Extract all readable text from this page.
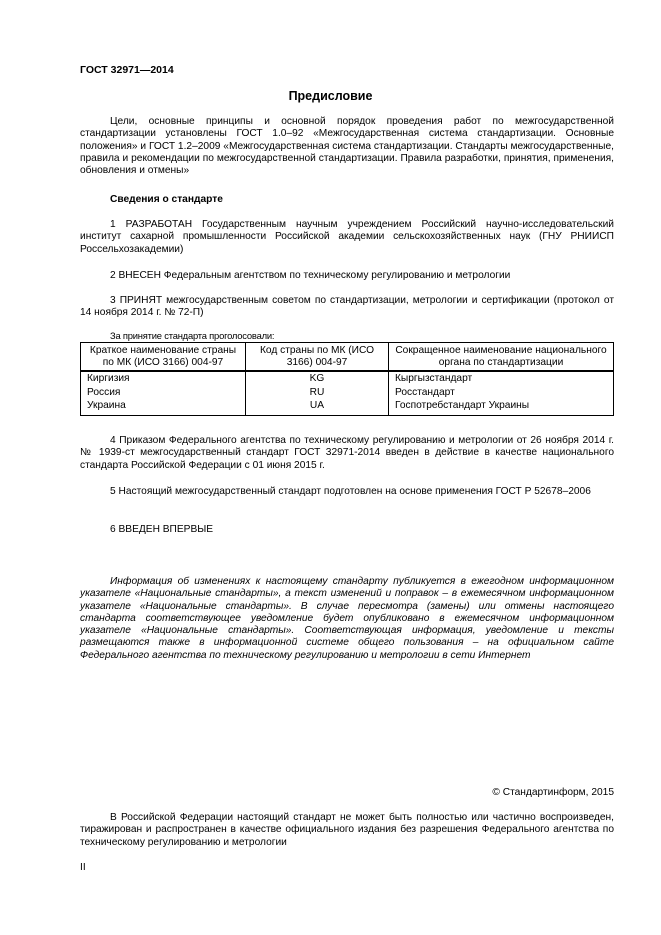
ГОСТ 32971—2014
Предисловие
Цели, основные принципы и основной порядок проведения работ по межгосударственной стандартизации установлены ГОСТ 1.0–92 «Межгосударственная система стандартизации. Основные положения» и ГОСТ 1.2–2009 «Межгосударственная система стандартизации. Стандарты межгосударственные, правила и рекомендации по межгосударственной стандартизации. Правила разработки, принятия, применения, обновления и отмены»
Сведения о стандарте
1 РАЗРАБОТАН Государственным научным учреждением Российский научно-исследовательский институт сахарной промышленности Российской академии сельскохозяйственных наук (ГНУ РНИИСП Россельхозакадемии)
2 ВНЕСЕН Федеральным агентством по техническому регулированию и метрологии
3 ПРИНЯТ межгосударственным советом по стандартизации, метрологии и сертификации (протокол от 14 ноября 2014 г. № 72-П)
За принятие стандарта проголосовали:
Краткое наименование страны по МК (ИСО 3166) 004-97	Код страны по МК (ИСО 3166) 004-97	Сокращенное наименование национального органа по стандартизации
Киргизия	KG	Кыргызстандарт
Россия	RU	Росстандарт
Украина	UA	Госпотребстандарт Украины
4 Приказом Федерального агентства по техническому регулированию и метрологии от 26 ноября 2014 г. № 1939-ст межгосударственный стандарт ГОСТ 32971-2014 введен в действие в качестве национального стандарта Российской Федерации с 01 июня 2015 г.
5 Настоящий межгосударственный стандарт подготовлен на основе применения ГОСТ Р 52678–2006
6 ВВЕДЕН ВПЕРВЫЕ
Информация об изменениях к настоящему стандарту публикуется в ежегодном информационном указателе «Национальные стандарты», а текст изменений и поправок – в ежемесячном информационном указателе «Национальные стандарты». В случае пересмотра (замены) или отмены настоящего стандарта соответствующее уведомление будет опубликовано в ежемесячном информационном указателе «Национальные стандарты». Соответствующая информация, уведомление и тексты размещаются также в информационной системе общего пользования – на официальном сайте Федерального агентства по техническому регулированию и метрологии в сети Интернет
© Стандартинформ, 2015
В Российской Федерации настоящий стандарт не может быть полностью или частично воспроизведен, тиражирован и распространен в качестве официального издания без разрешения Федерального агентства по техническому регулированию и метрологии
II
